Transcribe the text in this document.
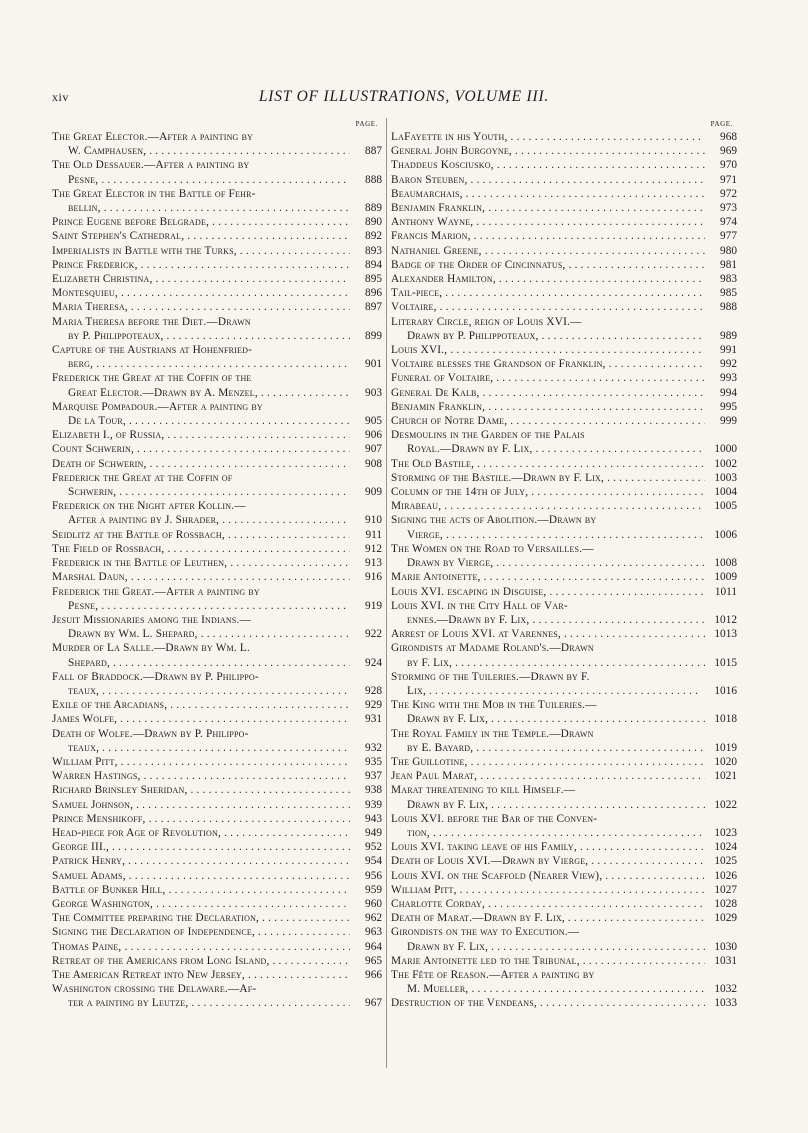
xiv	LIST OF ILLUSTRATIONS, VOLUME III.
PAGE.
The Great Elector.—After a painting by
W. Camphausen, . . .	887
The Old Dessauer.—After a painting by
Pesne, . . .	888
The Great Elector in the Battle of Fehr-
bellin, . . .	889
Prince Eugene before Belgrade, . . .	890
Saint Stephen's Cathedral, . . .	892
Imperialists in Battle with the Turks, . . .	893
Prince Frederick, . . .	894
Elizabeth Christina, . . .	895
Montesquieu, . . .	896
Maria Theresa, . . .	897
Maria Theresa before the Diet.—Drawn
by P. Philippoteaux, . . .	899
Capture of the Austrians at Hohenfried-
berg, . . .	901
Frederick the Great at the Coffin of the
Great Elector.—Drawn by A. Menzel, . . .	903
Marquise Pompadour.—After a painting by
De la Tour, . . .	905
Elizabeth I., of Russia, . . .	906
Count Schwerin, . . .	907
Death of Schwerin, . . .	908
Frederick the Great at the Coffin of
Schwerin, . . .	909
Frederick on the Night after Kollin.—
After a painting by J. Shrader, . . .	910
Seidlitz at the Battle of Rossbach, . . .	911
The Field of Rossbach, . . .	912
Frederick in the Battle of Leuthen, . . .	913
Marshal Daun, . . .	916
Frederick the Great.—After a painting by
Pesne, . . .	919
Jesuit Missionaries among the Indians.—
Drawn by Wm. L. Shepard, . . .	922
Murder of La Salle.—Drawn by Wm. L.
Shepard, . . .	924
Fall of Braddock.—Drawn by P. Philippo-
teaux, . . .	928
Exile of the Arcadians, . . .	929
James Wolfe, . . .	931
Death of Wolfe.—Drawn by P. Philippo-
teaux, . . .	932
William Pitt, . . .	935
Warren Hastings, . . .	937
Richard Brinsley Sheridan, . . .	938
Samuel Johnson, . . .	939
Prince Menshikoff, . . .	943
Head-piece for Age of Revolution, . . .	949
George III., . . .	952
Patrick Henry, . . .	954
Samuel Adams, . . .	956
Battle of Bunker Hill, . . .	959
George Washington, . . .	960
The Committee preparing the Declaration, . . .	962
Signing the Declaration of Independence, . . .	963
Thomas Paine, . . .	964
Retreat of the Americans from Long Island, . . .	965
The American Retreat into New Jersey, . . .	966
Washington crossing the Delaware.—Af-
ter a painting by Leutze, . . .	967
PAGE.
LaFayette in his Youth, . . .	968
General John Burgoyne, . . .	969
Thaddeus Kosciusko, . . .	970
Baron Steuben, . . .	971
Beaumarchais, . . .	972
Benjamin Franklin, . . .	973
Anthony Wayne, . . .	974
Francis Marion, . . .	977
Nathaniel Greene, . . .	980
Badge of the Order of Cincinnatus, . . .	981
Alexander Hamilton, . . .	983
Tail-piece, . . .	985
Voltaire, . . .	988
Literary Circle, reign of Louis XVI.—
Drawn by P. Philippoteaux, . . .	989
Louis XVI., . . .	991
Voltaire blesses the Grandson of Franklin, . . .	992
Funeral of Voltaire, . . .	993
General De Kalb, . . .	994
Benjamin Franklin, . . .	995
Church of Notre Dame, . . .	999
Desmoulins in the Garden of the Palais
Royal.—Drawn by F. Lix, . . .	1000
The Old Bastile, . . .	1002
Storming of the Bastile.—Drawn by F. Lix, . . .	1003
Column of the 14th of July, . . .	1004
Mirabeau, . . .	1005
Signing the acts of Abolition.—Drawn by
Vierge, . . .	1006
The Women on the Road to Versailles.—
Drawn by Vierge, . . .	1008
Marie Antoinette, . . .	1009
Louis XVI. escaping in Disguise, . . .	1011
Louis XVI. in the City Hall of Var-
ennes.—Drawn by F. Lix, . . .	1012
Arrest of Louis XVI. at Varennes, . . .	1013
Girondists at Madame Roland's.—Drawn
by F. Lix, . . .	1015
Storming of the Tuileries.—Drawn by F.
Lix, . . .	1016
The King with the Mob in the Tuileries.—
Drawn by F. Lix, . . .	1018
The Royal Family in the Temple.—Drawn
by E. Bayard, . . .	1019
The Guillotine, . . .	1020
Jean Paul Marat, . . .	1021
Marat threatening to kill Himself.—
Drawn by F. Lix, . . .	1022
Louis XVI. before the Bar of the Conven-
tion, . . .	1023
Louis XVI. taking leave of his Family, . . .	1024
Death of Louis XVI.—Drawn by Vierge, . . .	1025
Louis XVI. on the Scaffold (Nearer View), . . .	1026
William Pitt, . . .	1027
Charlotte Corday, . . .	1028
Death of Marat.—Drawn by F. Lix, . . .	1029
Girondists on the way to Execution.—
Drawn by F. Lix, . . .	1030
Marie Antoinette led to the Tribunal, . . .	1031
The Fête of Reason.—After a painting by
M. Mueller, . . .	1032
Destruction of the Vendeans, . . .	1033
